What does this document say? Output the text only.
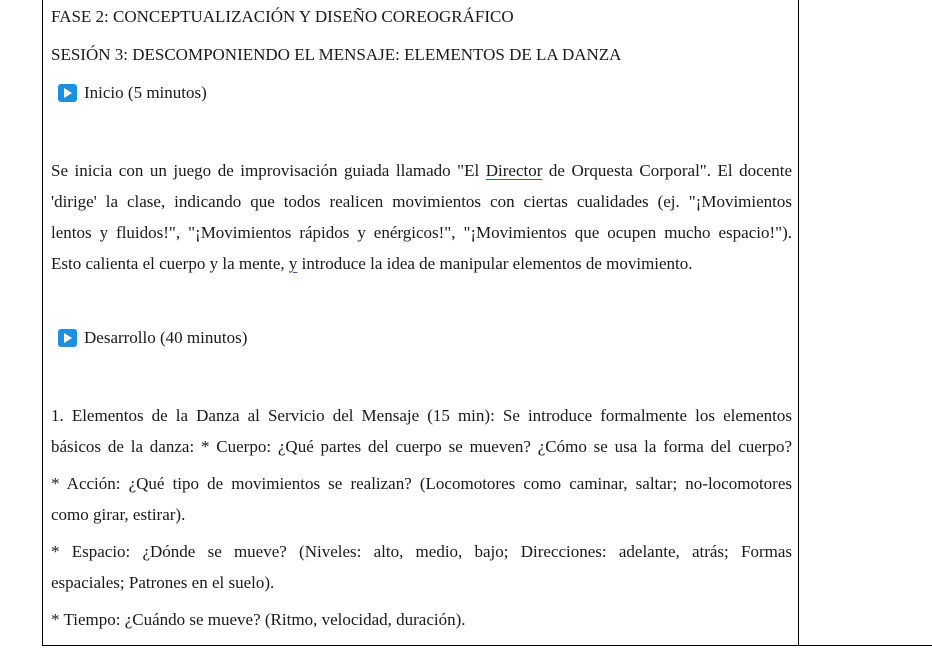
FASE 2: CONCEPTUALIZACIÓN Y DISEÑO COREOGRÁFICO
SESIÓN 3: DESCOMPONIENDO EL MENSAJE: ELEMENTOS DE LA DANZA
Inicio (5 minutos)
Se inicia con un juego de improvisación guiada llamado "El Director de Orquesta Corporal". El docente
'dirige' la clase, indicando que todos realicen movimientos con ciertas cualidades (ej. "¡Movimientos
lentos y fluidos!", "¡Movimientos rápidos y enérgicos!", "¡Movimientos que ocupen mucho espacio!").
Esto calienta el cuerpo y la mente, y introduce la idea de manipular elementos de movimiento.
Desarrollo (40 minutos)
1. Elementos de la Danza al Servicio del Mensaje (15 min): Se introduce formalmente los elementos
básicos de la danza: * Cuerpo: ¿Qué partes del cuerpo se mueven? ¿Cómo se usa la forma del cuerpo?
* Acción: ¿Qué tipo de movimientos se realizan? (Locomotores como caminar, saltar; no-locomotores
como girar, estirar).
* Espacio: ¿Dónde se mueve? (Niveles: alto, medio, bajo; Direcciones: adelante, atrás; Formas
espaciales; Patrones en el suelo).
* Tiempo: ¿Cuándo se mueve? (Ritmo, velocidad, duración).
